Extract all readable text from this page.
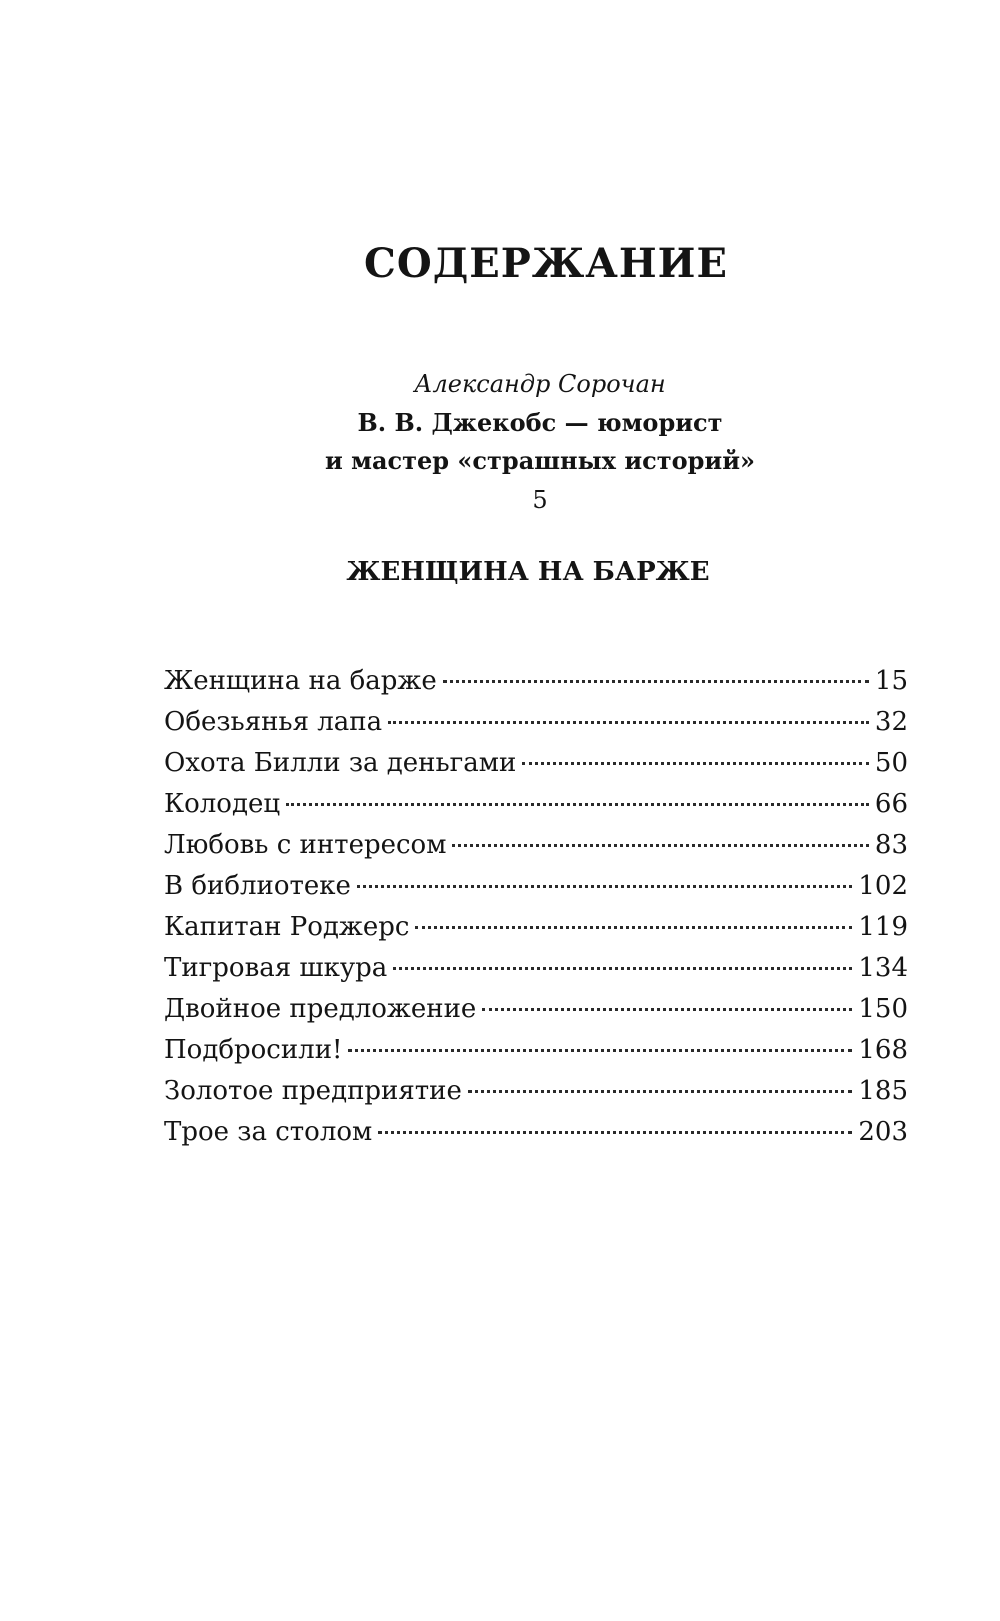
СОДЕРЖАНИЕ
Александр Сорочан
В. В. Джекобс — юморист
и мастер «страшных историй»
5
ЖЕНЩИНА НА БАРЖЕ
Женщина на барже	15
Обезьянья лапа	32
Охота Билли за деньгами	50
Колодец	66
Любовь с интересом	83
В библиотеке	102
Капитан Роджерс	119
Тигровая шкура	134
Двойное предложение	150
Подбросили!	168
Золотое предприятие	185
Трое за столом	203
